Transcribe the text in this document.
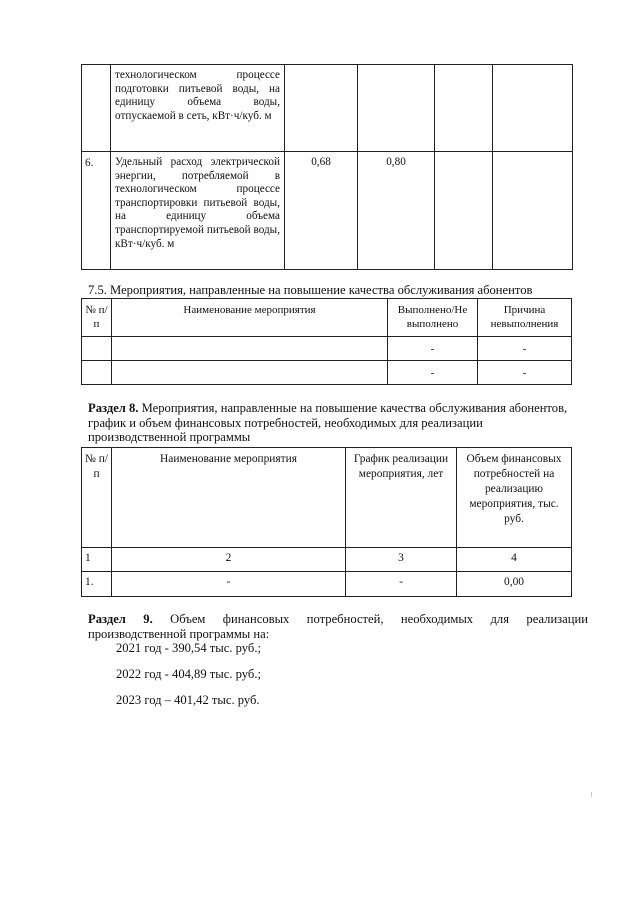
	технологическом процессе подготовки питьевой воды, на единицу объема воды, отпускаемой в сеть, кВт·ч/куб. м				
6.	Удельный расход электрической энергии, потребляемой в технологическом процессе транспортировки питьевой воды, на единицу объема транспортируемой питьевой воды, кВт·ч/куб. м	0,68	0,80		
7.5. Мероприятия, направленные на повышение качества обслуживания абонентов
№ п/п	Наименование мероприятия	Выполнено/Не выполнено	Причина невыполнения
		-	-
		-	-
Раздел 8. Мероприятия, направленные на повышение качества обслуживания абонентов, график и объем финансовых потребностей, необходимых для реализации производственной программы
№ п/п	Наименование мероприятия	График реализации мероприятия, лет	Объем финансовых потребностей на реализацию мероприятия, тыс. руб.
1	2	3	4
1.	-	-	0,00
Раздел 9. Объем финансовых потребностей, необходимых для реализации
производственной программы на:
2021 год - 390,54 тыс. руб.;
2022 год - 404,89 тыс. руб.;
2023 год – 401,42 тыс. руб.
